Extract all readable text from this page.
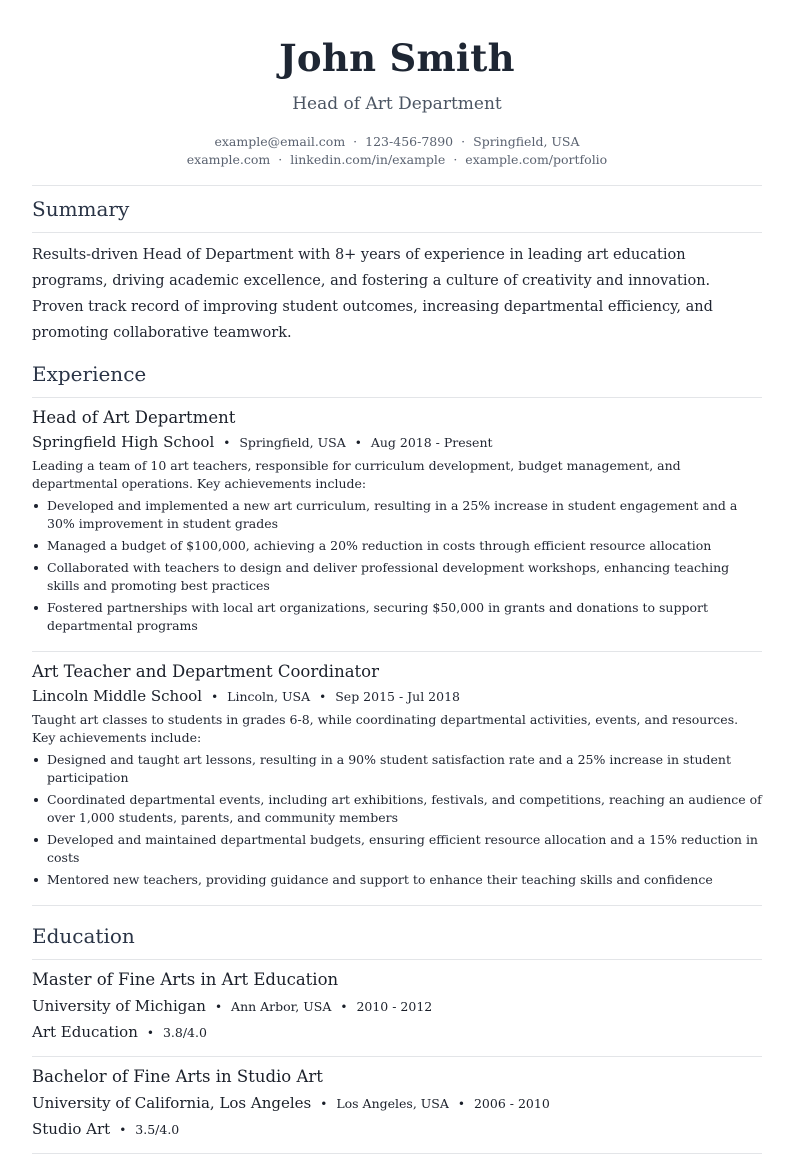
John Smith
Head of Art Department
example@email.com · 123-456-7890 · Springfield, USA
example.com · linkedin.com/in/example · example.com/portfolio
Summary
Results-driven Head of Department with 8+ years of experience in leading art education programs, driving academic excellence, and fostering a culture of creativity and innovation. Proven track record of improving student outcomes, increasing departmental efficiency, and promoting collaborative teamwork.
Experience
Head of Art Department
Springfield High School • Springfield, USA • Aug 2018 - Present
Leading a team of 10 art teachers, responsible for curriculum development, budget management, and departmental operations. Key achievements include:
Developed and implemented a new art curriculum, resulting in a 25% increase in student engagement and a 30% improvement in student grades
Managed a budget of $100,000, achieving a 20% reduction in costs through efficient resource allocation
Collaborated with teachers to design and deliver professional development workshops, enhancing teaching skills and promoting best practices
Fostered partnerships with local art organizations, securing $50,000 in grants and donations to support departmental programs
Art Teacher and Department Coordinator
Lincoln Middle School • Lincoln, USA • Sep 2015 - Jul 2018
Taught art classes to students in grades 6-8, while coordinating departmental activities, events, and resources. Key achievements include:
Designed and taught art lessons, resulting in a 90% student satisfaction rate and a 25% increase in student participation
Coordinated departmental events, including art exhibitions, festivals, and competitions, reaching an audience of over 1,000 students, parents, and community members
Developed and maintained departmental budgets, ensuring efficient resource allocation and a 15% reduction in costs
Mentored new teachers, providing guidance and support to enhance their teaching skills and confidence
Education
Master of Fine Arts in Art Education
University of Michigan • Ann Arbor, USA • 2010 - 2012
Art Education • 3.8/4.0
Bachelor of Fine Arts in Studio Art
University of California, Los Angeles • Los Angeles, USA • 2006 - 2010
Studio Art • 3.5/4.0
